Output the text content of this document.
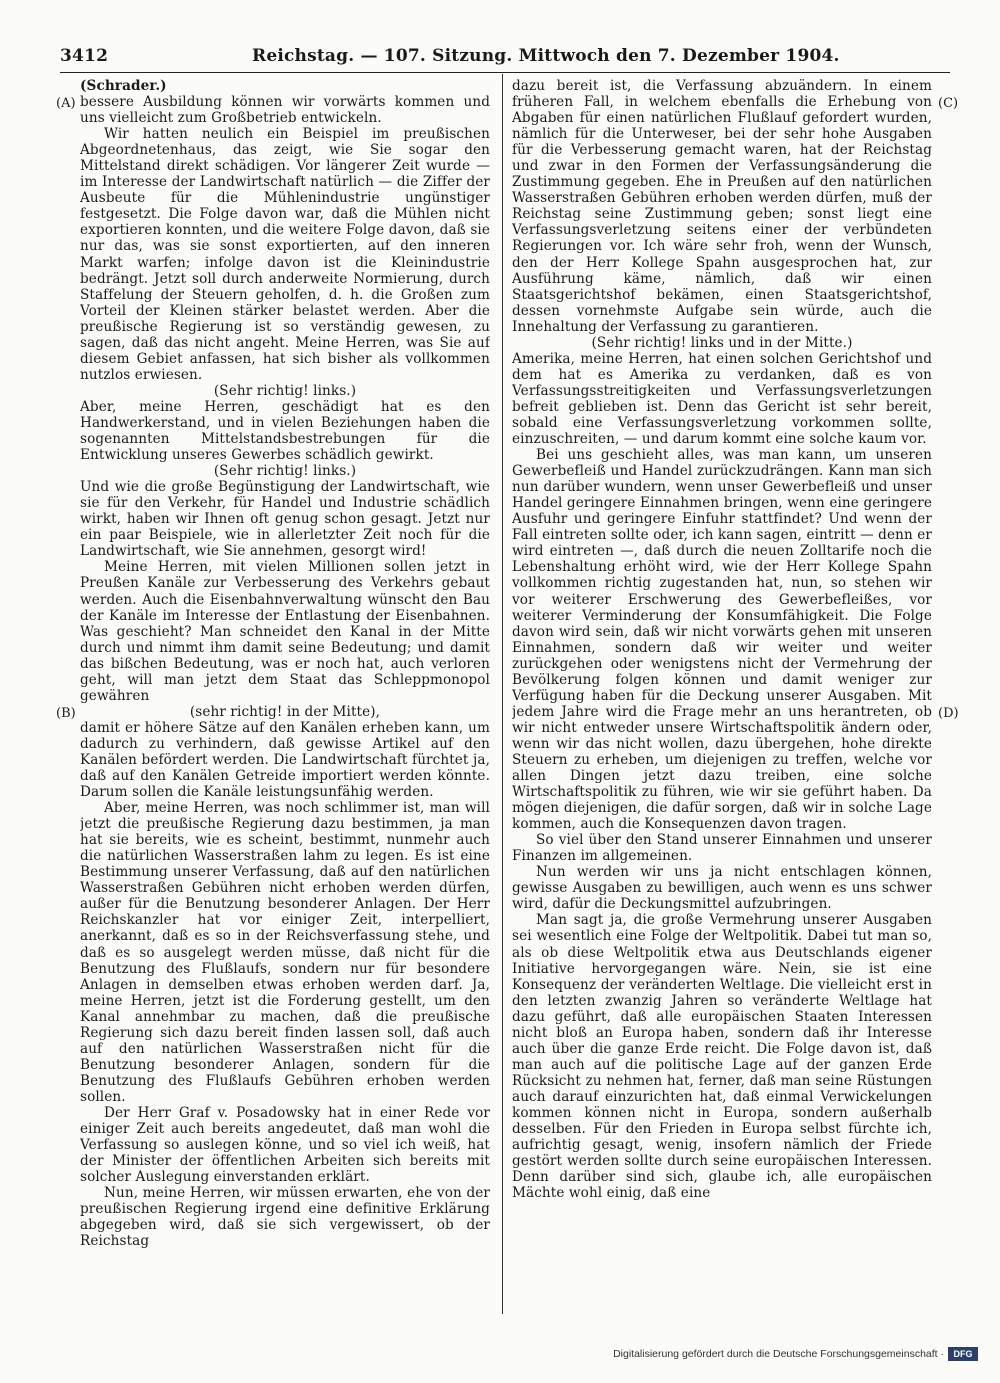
3412	Reichstag. — 107. Sitzung. Mittwoch den 7. Dezember 1904.
(A)
(B)
(C)
(D)

(Schrader.)

bessere Ausbildung können wir vorwärts kommen und uns vielleicht zum Großbetrieb entwickeln.

Wir hatten neulich ein Beispiel im preußischen Abgeordnetenhaus, das zeigt, wie Sie sogar den Mittelstand direkt schädigen. Vor längerer Zeit wurde — im Interesse der Landwirtschaft natürlich — die Ziffer der Ausbeute für die Mühlenindustrie ungünstiger festgesetzt. Die Folge davon war, daß die Mühlen nicht exportieren konnten, und die weitere Folge davon, daß sie nur das, was sie sonst exportierten, auf den inneren Markt warfen; infolge davon ist die Kleinindustrie bedrängt. Jetzt soll durch anderweite Normierung, durch Staffelung der Steuern geholfen, d. h. die Großen zum Vorteil der Kleinen stärker belastet werden. Aber die preußische Regierung ist so verständig gewesen, zu sagen, daß das nicht angeht. Meine Herren, was Sie auf diesem Gebiet anfassen, hat sich bisher als vollkommen nutzlos erwiesen.

(Sehr richtig! links.)

Aber, meine Herren, geschädigt hat es den Handwerkerstand, und in vielen Beziehungen haben die sogenannten Mittelstandsbestrebungen für die Entwicklung unseres Gewerbes schädlich gewirkt.

(Sehr richtig! links.)

Und wie die große Begünstigung der Landwirtschaft, wie sie für den Verkehr, für Handel und Industrie schädlich wirkt, haben wir Ihnen oft genug schon gesagt. Jetzt nur ein paar Beispiele, wie in allerletzter Zeit noch für die Landwirtschaft, wie Sie annehmen, gesorgt wird!

Meine Herren, mit vielen Millionen sollen jetzt in Preußen Kanäle zur Verbesserung des Verkehrs gebaut werden. Auch die Eisenbahnverwaltung wünscht den Bau der Kanäle im Interesse der Entlastung der Eisenbahnen. Was geschieht? Man schneidet den Kanal in der Mitte durch und nimmt ihm damit seine Bedeutung; und damit das bißchen Bedeutung, was er noch hat, auch verloren geht, will man jetzt dem Staat das Schleppmonopol gewähren

(sehr richtig! in der Mitte),

damit er höhere Sätze auf den Kanälen erheben kann, um dadurch zu verhindern, daß gewisse Artikel auf den Kanälen befördert werden. Die Landwirtschaft fürchtet ja, daß auf den Kanälen Getreide importiert werden könnte. Darum sollen die Kanäle leistungsunfähig werden.

Aber, meine Herren, was noch schlimmer ist, man will jetzt die preußische Regierung dazu bestimmen, ja man hat sie bereits, wie es scheint, bestimmt, nunmehr auch die natürlichen Wasserstraßen lahm zu legen. Es ist eine Bestimmung unserer Verfassung, daß auf den natürlichen Wasserstraßen Gebühren nicht erhoben werden dürfen, außer für die Benutzung besonderer Anlagen. Der Herr Reichskanzler hat vor einiger Zeit, interpelliert, anerkannt, daß es so in der Reichsverfassung stehe, und daß es so ausgelegt werden müsse, daß nicht für die Benutzung des Flußlaufs, sondern nur für besondere Anlagen in demselben etwas erhoben werden darf. Ja, meine Herren, jetzt ist die Forderung gestellt, um den Kanal annehmbar zu machen, daß die preußische Regierung sich dazu bereit finden lassen soll, daß auch auf den natürlichen Wasserstraßen nicht für die Benutzung besonderer Anlagen, sondern für die Benutzung des Flußlaufs Gebühren erhoben werden sollen.

Der Herr Graf v. Posadowsky hat in einer Rede vor einiger Zeit auch bereits angedeutet, daß man wohl die Verfassung so auslegen könne, und so viel ich weiß, hat der Minister der öffentlichen Arbeiten sich bereits mit solcher Auslegung einverstanden erklärt.

Nun, meine Herren, wir müssen erwarten, ehe von der preußischen Regierung irgend eine definitive Erklärung abgegeben wird, daß sie sich vergewissert, ob der Reichstag

dazu bereit ist, die Verfassung abzuändern. In einem früheren Fall, in welchem ebenfalls die Erhebung von Abgaben für einen natürlichen Flußlauf gefordert wurden, nämlich für die Unterweser, bei der sehr hohe Ausgaben für die Verbesserung gemacht waren, hat der Reichstag und zwar in den Formen der Verfassungsänderung die Zustimmung gegeben. Ehe in Preußen auf den natürlichen Wasserstraßen Gebühren erhoben werden dürfen, muß der Reichstag seine Zustimmung geben; sonst liegt eine Verfassungsverletzung seitens einer der verbündeten Regierungen vor. Ich wäre sehr froh, wenn der Wunsch, den der Herr Kollege Spahn ausgesprochen hat, zur Ausführung käme, nämlich, daß wir einen Staatsgerichtshof bekämen, einen Staatsgerichtshof, dessen vornehmste Aufgabe sein würde, auch die Innehaltung der Verfassung zu garantieren.

(Sehr richtig! links und in der Mitte.)

Amerika, meine Herren, hat einen solchen Gerichtshof und dem hat es Amerika zu verdanken, daß es von Verfassungsstreitigkeiten und Verfassungsverletzungen befreit geblieben ist. Denn das Gericht ist sehr bereit, sobald eine Verfassungsverletzung vorkommen sollte, einzuschreiten, — und darum kommt eine solche kaum vor.

Bei uns geschieht alles, was man kann, um unseren Gewerbefleiß und Handel zurückzudrängen. Kann man sich nun darüber wundern, wenn unser Gewerbefleiß und unser Handel geringere Einnahmen bringen, wenn eine geringere Ausfuhr und geringere Einfuhr stattfindet? Und wenn der Fall eintreten sollte oder, ich kann sagen, eintritt — denn er wird eintreten —, daß durch die neuen Zolltarife noch die Lebenshaltung erhöht wird, wie der Herr Kollege Spahn vollkommen richtig zugestanden hat, nun, so stehen wir vor weiterer Erschwerung des Gewerbefleißes, vor weiterer Verminderung der Konsumfähigkeit. Die Folge davon wird sein, daß wir nicht vorwärts gehen mit unseren Einnahmen, sondern daß wir weiter und weiter zurückgehen oder wenigstens nicht der Vermehrung der Bevölkerung folgen können und damit weniger zur Verfügung haben für die Deckung unserer Ausgaben. Mit jedem Jahre wird die Frage mehr an uns herantreten, ob wir nicht entweder unsere Wirtschaftspolitik ändern oder, wenn wir das nicht wollen, dazu übergehen, hohe direkte Steuern zu erheben, um diejenigen zu treffen, welche vor allen Dingen jetzt dazu treiben, eine solche Wirtschaftspolitik zu führen, wie wir sie geführt haben. Da mögen diejenigen, die dafür sorgen, daß wir in solche Lage kommen, auch die Konsequenzen davon tragen.

So viel über den Stand unserer Einnahmen und unserer Finanzen im allgemeinen.

Nun werden wir uns ja nicht entschlagen können, gewisse Ausgaben zu bewilligen, auch wenn es uns schwer wird, dafür die Deckungsmittel aufzubringen.

Man sagt ja, die große Vermehrung unserer Ausgaben sei wesentlich eine Folge der Weltpolitik. Dabei tut man so, als ob diese Weltpolitik etwa aus Deutschlands eigener Initiative hervorgegangen wäre. Nein, sie ist eine Konsequenz der veränderten Weltlage. Die vielleicht erst in den letzten zwanzig Jahren so veränderte Weltlage hat dazu geführt, daß alle europäischen Staaten Interessen nicht bloß an Europa haben, sondern daß ihr Interesse auch über die ganze Erde reicht. Die Folge davon ist, daß man auch auf die politische Lage auf der ganzen Erde Rücksicht zu nehmen hat, ferner, daß man seine Rüstungen auch darauf einzurichten hat, daß einmal Verwickelungen kommen können nicht in Europa, sondern außerhalb desselben. Für den Frieden in Europa selbst fürchte ich, aufrichtig gesagt, wenig, insofern nämlich der Friede gestört werden sollte durch seine europäischen Interessen. Denn darüber sind sich, glaube ich, alle europäischen Mächte wohl einig, daß eine

Digitalisierung gefördert durch die Deutsche Forschungsgemeinschaft ·	DFG
